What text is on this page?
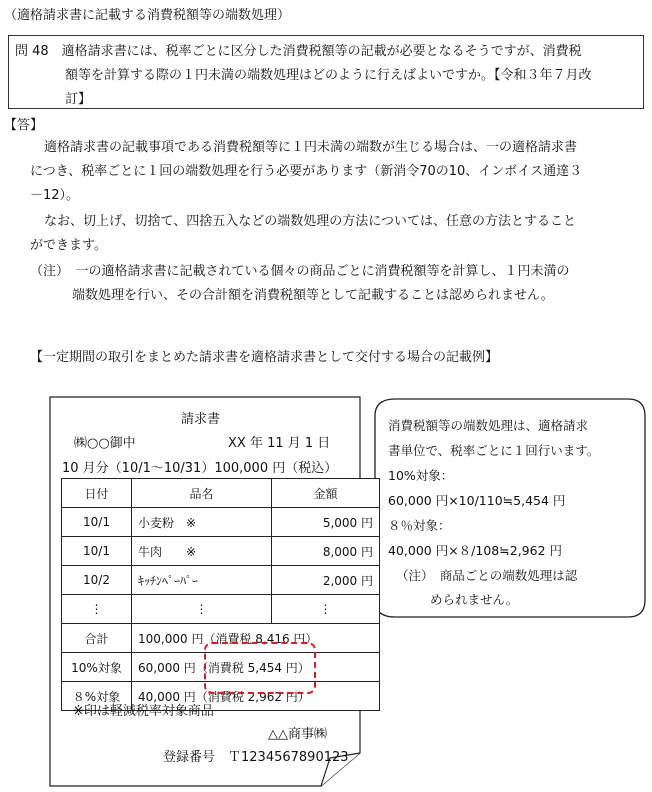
（適格請求書に記載する消費税額等の端数処理）
問 48　適格請求書には、税率ごとに区分した消費税額等の記載が必要となるそうですが、消費税
額等を計算する際の１円未満の端数処理はどのように行えばよいですか。【令和３年７月改
訂】
【答】
適格請求書の記載事項である消費税額等に１円未満の端数が生じる場合は、一の適格請求書
につき、税率ごとに１回の端数処理を行う必要があります（新消令70の10、インボイス通達３
－12）。
なお、切上げ、切捨て、四捨五入などの端数処理の方法については、任意の方法とすること
ができます。
（注）　一の適格請求書に記載されている個々の商品ごとに消費税額等を計算し、１円未満の
端数処理を行い、その合計額を消費税額等として記載することは認められません。
【一定期間の取引をまとめた請求書を適格請求書として交付する場合の記載例】
請求書
㈱○○御中	XX 年 11 月 1 日
10 月分（10/1～10/31）100,000 円（税込）
日付	品名	金額
10/1	小麦粉　※	5,000 円
10/1	牛肉　　※	8,000 円
10/2	ｷｯﾁﾝﾍﾟｰﾊﾟｰ	2,000 円
⋮	⋮	⋮
合計	100,000 円（消費税 8,416 円）	
10%対象	60,000 円（消費税 5,454 円）	
８%対象	40,000 円（消費税 2,962 円）	
※印は軽減税率対象商品
△△商事㈱
登録番号　Ｔ1234567890123
消費税額等の端数処理は、適格請求
書単位で、税率ごとに１回行います。
10%対象：
60,000 円×10/110≒5,454 円
８％対象：
40,000 円×８/108≒2,962 円
（注）　商品ごとの端数処理は認
められません。
